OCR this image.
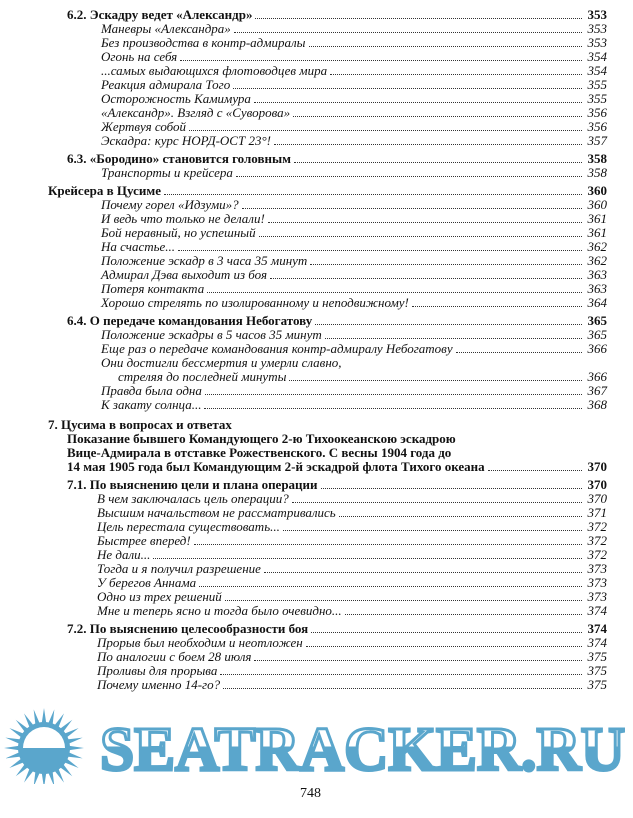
6.2. Эскадру ведет «Александр»	353
Маневры «Александра»	353
Без производства в контр-адмиралы	353
Огонь на себя	354
...самых выдающихся флотоводцев мира	354
Реакция адмирала Того	355
Осторожность Камимура	355
«Александр». Взгляд с «Суворова»	356
Жертвуя собой	356
Эскадра: курс НОРД-ОСТ 23°!	357
6.3. «Бородино» становится головным	358
Транспорты и крейсера	358
Крейсера в Цусиме	360
Почему горел «Идзуми»?	360
И ведь что только не делали!	361
Бой неравный, но успешный	361
На счастье...	362
Положение эскадр в 3 часа 35 минут	362
Адмирал Дэва выходит из боя	363
Потеря контакта	363
Хорошо стрелять по изолированному и неподвижному!	364
6.4. О передаче командования Небогатову	365
Положение эскадры в 5 часов 35 минут	365
Еще раз о передаче командования контр-адмиралу Небогатову	366
Они достигли бессмертия и умерли славно,
стреляя до последней минуты	366
Правда была одна	367
К закату солнца...	368
7. Цусима в вопросах и ответах
Показание бывшего Командующего 2-ю Тихоокеанскою эскадрою
Вице-Адмирала в отставке Рожественского. С весны 1904 года до
14 мая 1905 года был Командующим 2-й эскадрой флота Тихого океана	370
7.1. По выяснению цели и плана операции	370
В чем заключалась цель операции?	370
Высшим начальством не рассматривались	371
Цель перестала существовать...	372
Быстрее вперед!	372
Не дали...	372
Тогда и я получил разрешение	373
У берегов Аннама	373
Одно из трех решений	373
Мне и теперь ясно и тогда было очевидно...	374
7.2. По выяснению целесообразности боя	374
Прорыв был необходим и неотложен	374
По аналогии с боем 28 июля	375
Проливы для прорыва	375
Почему именно 14-го?	375
SEATRACKER.RU
748
